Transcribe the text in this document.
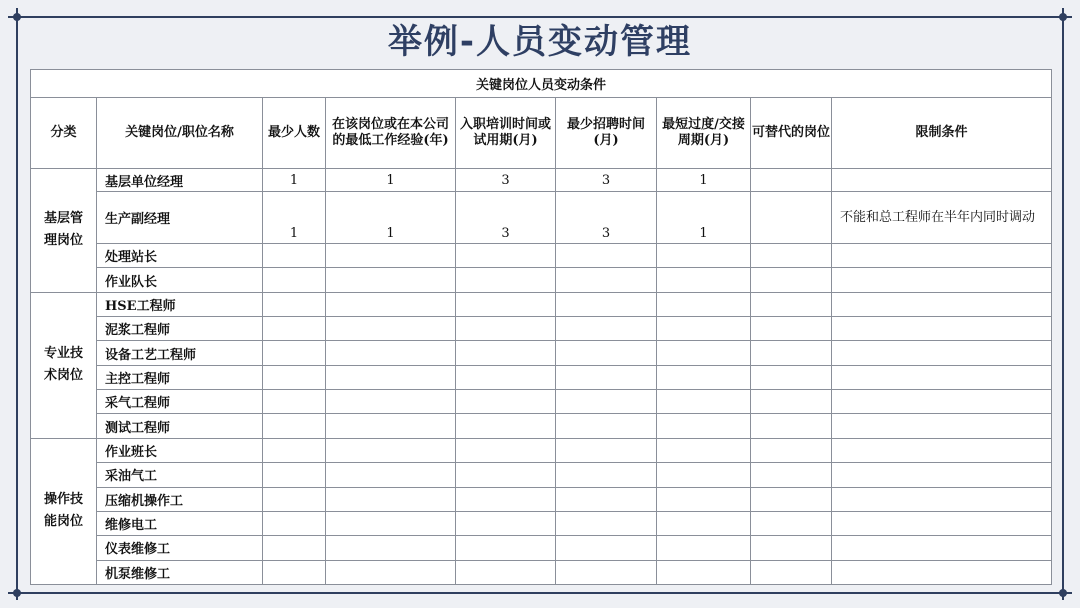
举例-人员变动管理
关键岗位人员变动条件								
分类	关键岗位/职位名称	最少人数	在该岗位或在本公司的最低工作经验(年)	入职培训时间或试用期(月)	最少招聘时间(月)	最短过度/交接周期(月)	可替代的岗位	限制条件

基层管理岗位	基层单位经理	1	1	3	3	1		
	生产副经理	1	1	3	3	1		不能和总工程师在半年内同时调动
	处理站长							
	作业队长							

专业技术岗位	HSE工程师							
	泥浆工程师							
	设备工艺工程师							
	主控工程师							
	采气工程师							
	测试工程师							

操作技能岗位	作业班长							
	采油气工							
	压缩机操作工							
	维修电工							
	仪表维修工							
	机泵维修工							
